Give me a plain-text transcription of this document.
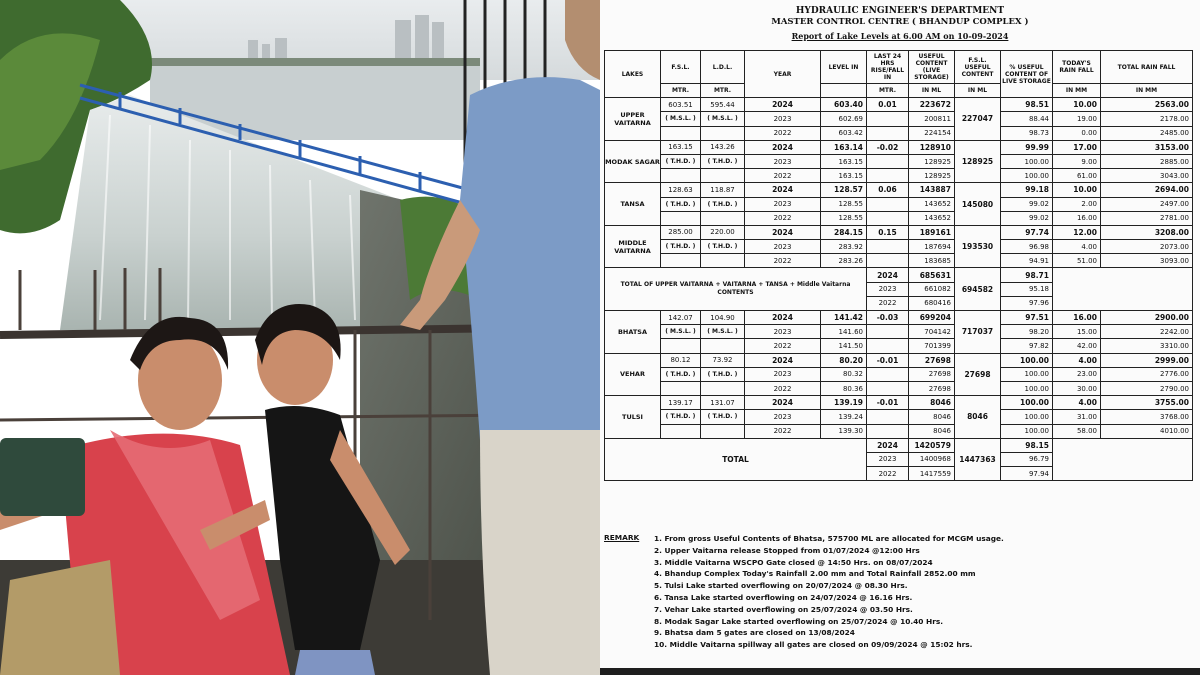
HYDRAULIC ENGINEER'S DEPARTMENT
MASTER CONTROL CENTRE ( BHANDUP COMPLEX )
Report of Lake Levels at 6.00 AM on 10-09-2024
LAKES	F.S.L.	L.D.L.	YEAR	LEVEL IN	LAST 24 HRS RISE/FALL IN	USEFUL CONTENT (LIVE STORAGE)	F.S.L. USEFUL CONTENT	% USEFUL CONTENT OF LIVE STORAGE	TODAY'S RAIN FALL	TOTAL RAIN FALL
	MTR.	MTR.			MTR.	IN ML	IN ML		IN MM	IN MM
UPPER VAITARNA	603.51	595.44	2024	603.40	0.01	223672	227047	98.51	10.00	2563.00
	( M.S.L. )	( M.S.L. )	2023	602.69		200811		88.44	19.00	2178.00
			2022	603.42		224154		98.73	0.00	2485.00
MODAK SAGAR	163.15	143.26	2024	163.14	-0.02	128910	128925	99.99	17.00	3153.00
	( T.H.D. )	( T.H.D. )	2023	163.15		128925		100.00	9.00	2885.00
			2022	163.15		128925		100.00	61.00	3043.00
TANSA	128.63	118.87	2024	128.57	0.06	143887	145080	99.18	10.00	2694.00
	( T.H.D. )	( T.H.D. )	2023	128.55		143652		99.02	2.00	2497.00
			2022	128.55		143652		99.02	16.00	2781.00
MIDDLE VAITARNA	285.00	220.00	2024	284.15	0.15	189161	193530	97.74	12.00	3208.00
	( T.H.D. )	( T.H.D. )	2023	283.92		187694		96.98	4.00	2073.00
			2022	283.26		183685		94.91	51.00	3093.00
TOTAL OF UPPER VAITARNA + VAITARNA + TANSA + Middle Vaitarna CONTENTS					2024	685631	694582	98.71		
					2023	661082		95.18		
					2022	680416		97.96		
BHATSA	142.07	104.90	2024	141.42	-0.03	699204	717037	97.51	16.00	2900.00
	( M.S.L. )	( M.S.L. )	2023	141.60		704142		98.20	15.00	2242.00
			2022	141.50		701399		97.82	42.00	3310.00
VEHAR	80.12	73.92	2024	80.20	-0.01	27698	27698	100.00	4.00	2999.00
	( T.H.D. )	( T.H.D. )	2023	80.32		27698		100.00	23.00	2776.00
			2022	80.36		27698		100.00	30.00	2790.00
TULSI	139.17	131.07	2024	139.19	-0.01	8046	8046	100.00	4.00	3755.00
	( T.H.D. )	( T.H.D. )	2023	139.24		8046		100.00	31.00	3768.00
			2022	139.30		8046		100.00	58.00	4010.00
TOTAL					2024	1420579	1447363	98.15		
					2023	1400968		96.79		
					2022	1417559		97.94		
REMARK 1. From gross Useful Contents of Bhatsa, 575700 ML are allocated for MCGM usage.
2. Upper Vaitarna release Stopped from 01/07/2024 @12:00 Hrs
3. Middle Vaitarna WSCPO Gate closed @ 14:50 Hrs. on 08/07/2024
4. Bhandup Complex Today's Rainfall 2.00 mm and Total Rainfall 2852.00 mm
5. Tulsi Lake started overflowing on 20/07/2024 @ 08.30 Hrs.
6. Tansa Lake started overflowing on 24/07/2024 @ 16.16 Hrs.
7. Vehar Lake started overflowing on 25/07/2024 @ 03.50 Hrs.
8. Modak Sagar Lake started overflowing on 25/07/2024 @ 10.40 Hrs.
9. Bhatsa dam 5 gates are closed on 13/08/2024
10. Middle Vaitarna spillway all gates are closed on 09/09/2024 @ 15:02 hrs.
